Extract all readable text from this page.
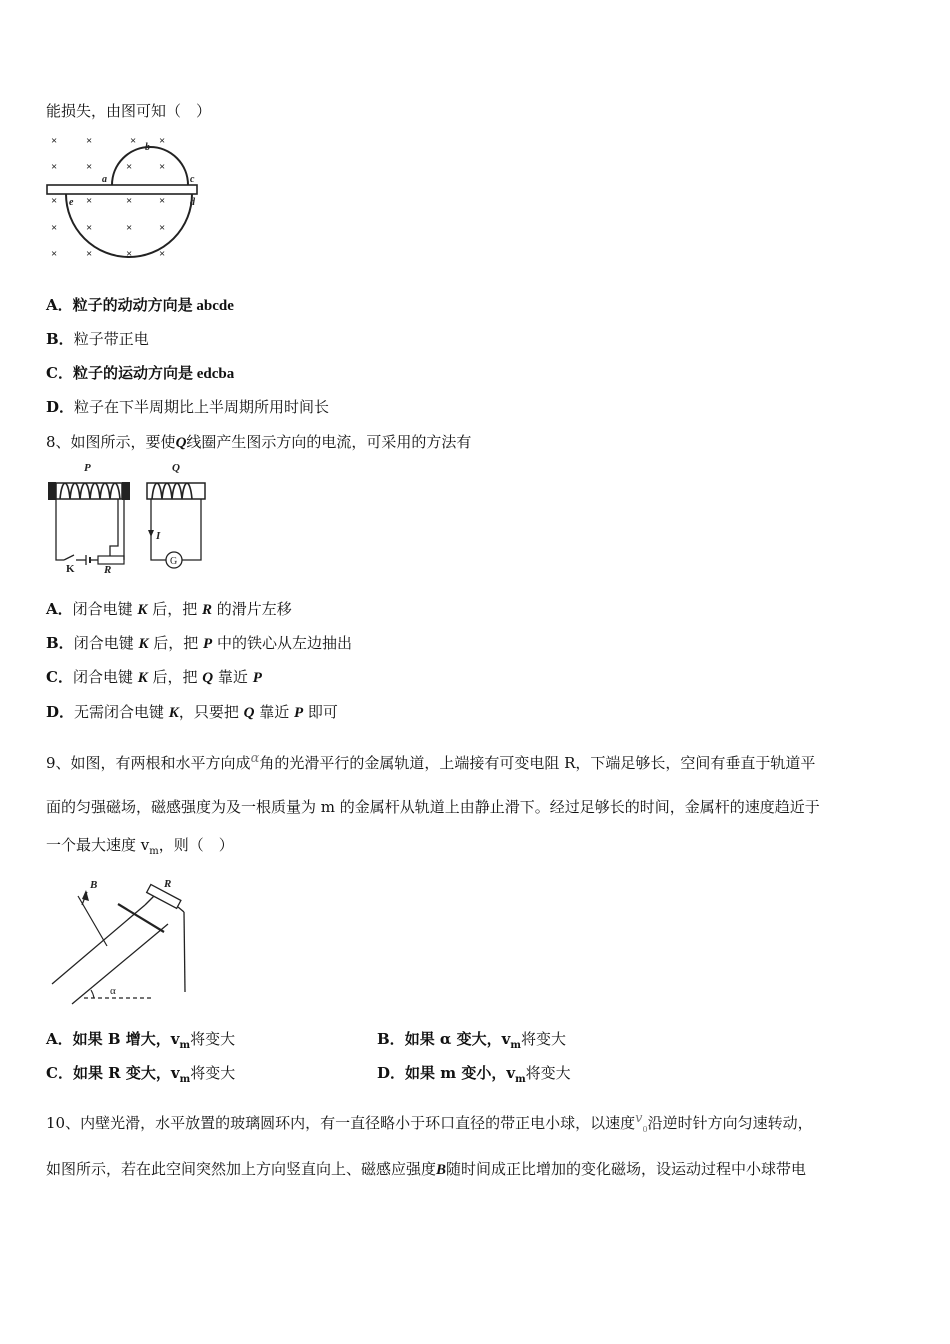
能损失，由图可知（　）
×	×	× ×
×	×	× ×
×	×	× ×
×	×	× ×
×	×	× ×
a
b
c
d
e
A．粒子的动动方向是 abcde
B．粒子带正电
C．粒子的运动方向是 edcba
D．粒子在下半周期比上半周期所用时间长
8、如图所示，要使Q线圈产生图示方向的电流，可采用的方法有
P	Q
I
K	R
G
A．闭合电键 K 后，把 R 的滑片左移
B．闭合电键 K 后，把 P 中的铁心从左边抽出
C．闭合电键 K 后，把 Q 靠近 P
D．无需闭合电键 K，只要把 Q 靠近 P 即可
9、如图，有两根和水平方向成α角的光滑平行的金属轨道，上端接有可变电阻 R，下端足够长，空间有垂直于轨道平
面的匀强磁场，磁感强度为及一根质量为 m 的金属杆从轨道上由静止滑下。经过足够长的时间，金属杆的速度趋近于
一个最大速度 $v_m$，则（　）
B	R
α
A．如果 B 增大，$v_m$将变大	B．如果 α 变大，$v_m$将变大
C．如果 R 变大，$v_m$将变大	D．如果 m 变小，$v_m$将变大
10、内壁光滑，水平放置的玻璃圆环内，有一直径略小于环口直径的带正电小球，以速度$v_0$沿逆时针方向匀速转动，
如图所示，若在此空间突然加上方向竖直向上、磁感应强度B随时间成正比增加的变化磁场，设运动过程中小球带电
